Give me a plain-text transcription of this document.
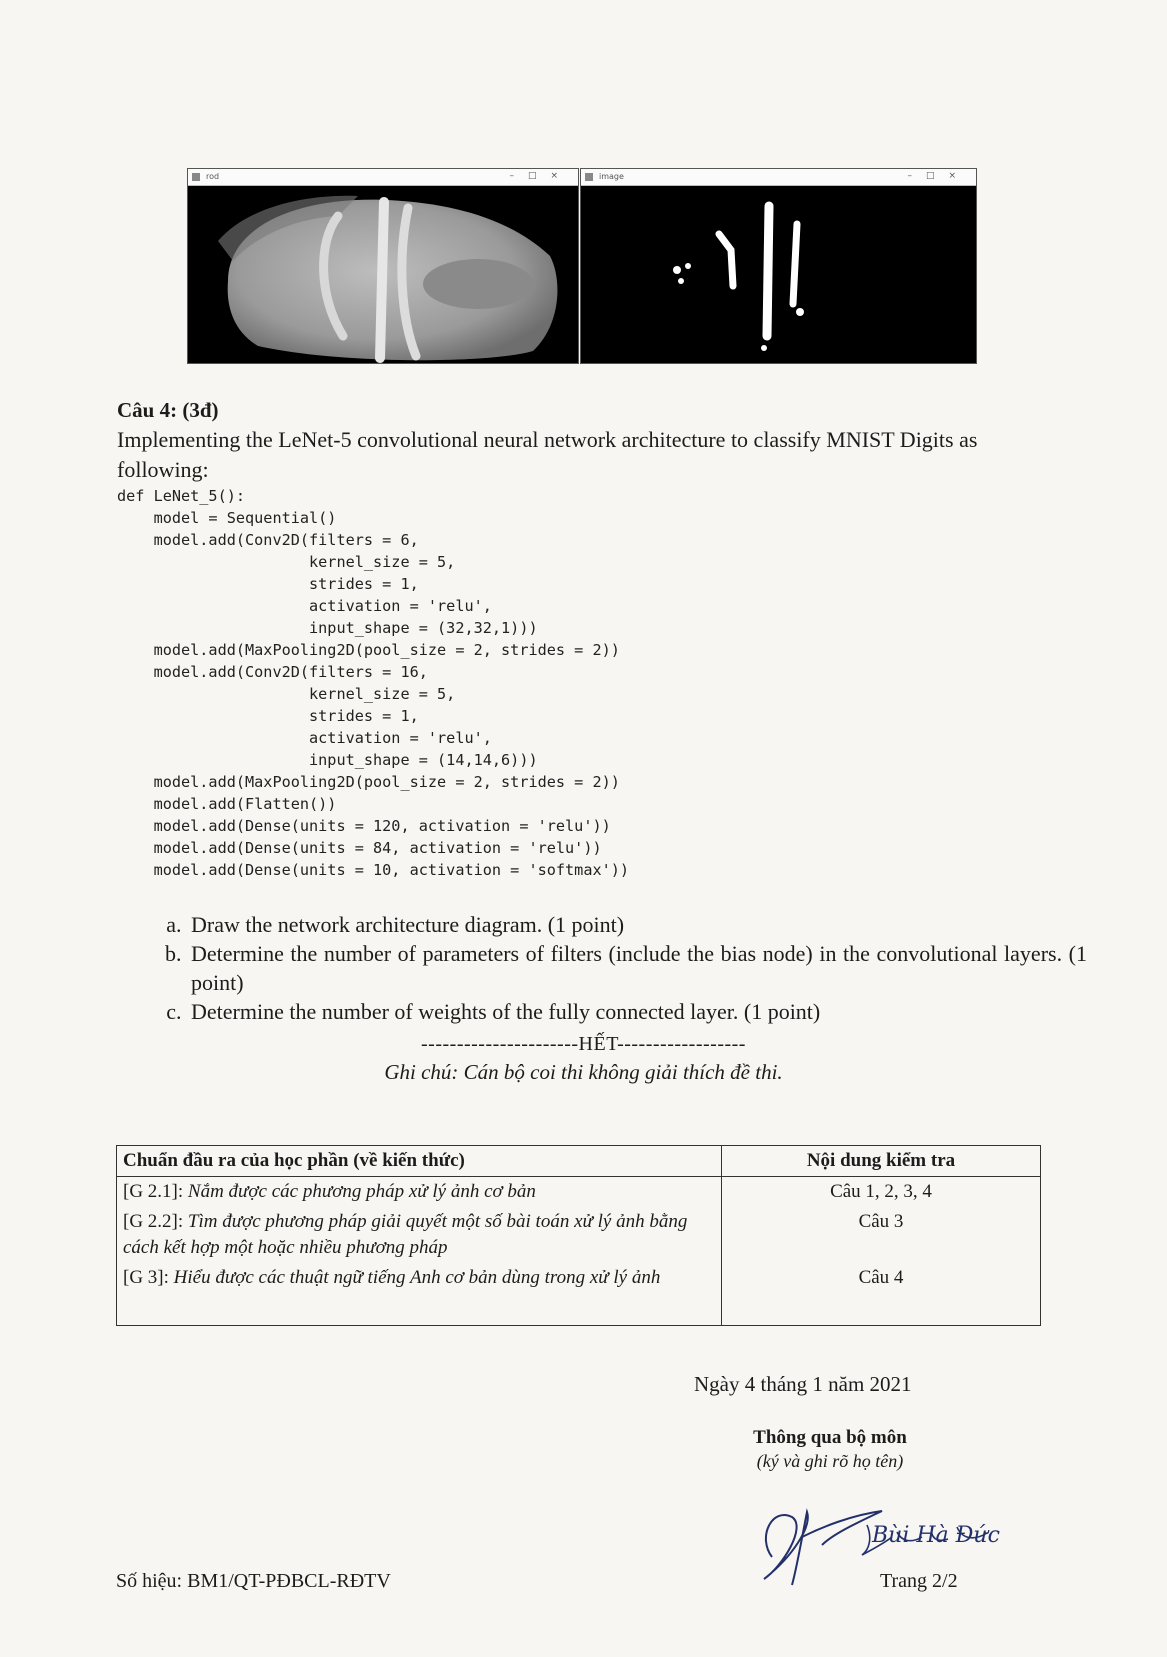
rod	–□×	image	–□×
Câu 4: (3đ)
Implementing the LeNet-5 convolutional neural network architecture to classify MNIST Digits as following:
def LeNet_5():
model = Sequential()
model.add(Conv2D(filters = 6,
kernel_size = 5,
strides = 1,
activation = 'relu',
input_shape = (32,32,1)))
model.add(MaxPooling2D(pool_size = 2, strides = 2))
model.add(Conv2D(filters = 16,
kernel_size = 5,
strides = 1,
activation = 'relu',
input_shape = (14,14,6)))
model.add(MaxPooling2D(pool_size = 2, strides = 2))
model.add(Flatten())
model.add(Dense(units = 120, activation = 'relu'))
model.add(Dense(units = 84, activation = 'relu'))
model.add(Dense(units = 10, activation = 'softmax'))
a. Draw the network architecture diagram. (1 point)
b. Determine the number of parameters of filters (include the bias node) in the convolutional layers. (1 point)
c. Determine the number of weights of the fully connected layer. (1 point)
----------------------HẾT------------------
Ghi chú: Cán bộ coi thi không giải thích đề thi.
Chuẩn đầu ra của học phần (về kiến thức)	Nội dung kiểm tra
[G 2.1]: Nắm được các phương pháp xử lý ảnh cơ bản	Câu 1, 2, 3, 4
[G 2.2]: Tìm được phương pháp giải quyết một số bài toán xử lý ảnh bằng cách kết hợp một hoặc nhiều phương pháp	Câu 3
[G 3]: Hiểu được các thuật ngữ tiếng Anh cơ bản dùng trong xử lý ảnh	Câu 4
Ngày 4 tháng 1 năm 2021
Thông qua bộ môn
(ký và ghi rõ họ tên)
Bùi Hà Đức
Số hiệu: BM1/QT-PĐBCL-RĐTV	Trang 2/2
